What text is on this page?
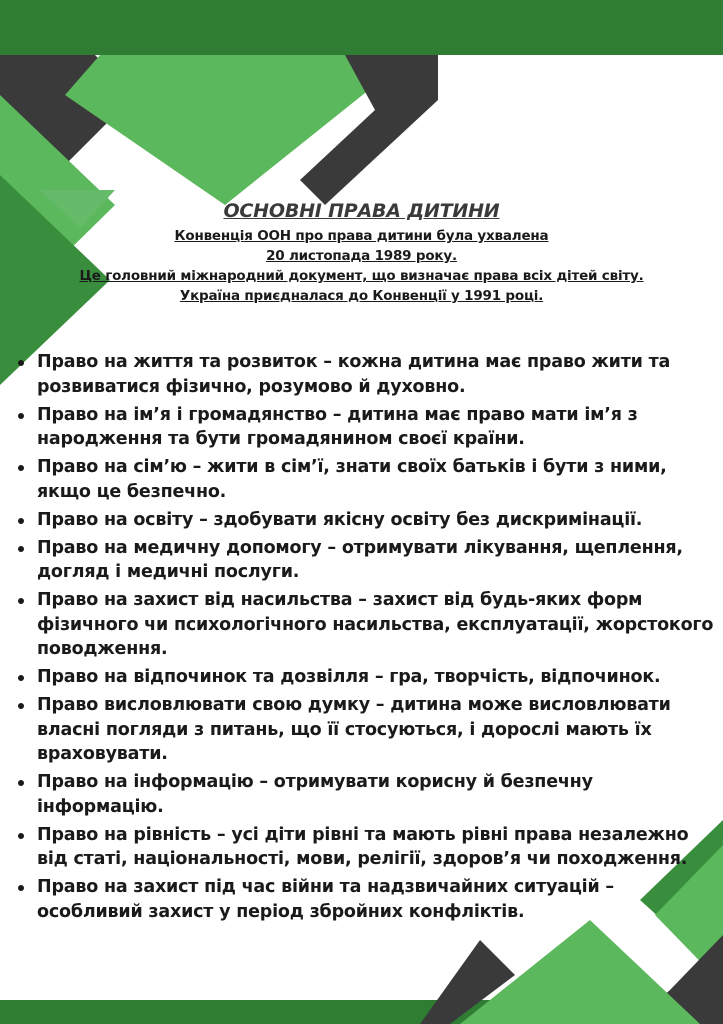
ОСНОВНІ ПРАВА ДИТИНИ

Конвенція ООН про права дитини була ухвалена

20 листопада 1989 року.

Це головний міжнародний документ, що визначає права всіх дітей світу.

Україна приєдналася до Конвенції у 1991 році.

Право на життя та розвиток – кожна дитина має право жити та розвиватися фізично, розумово й духовно.
Право на ім’я і громадянство – дитина має право мати ім’я з народження та бути громадянином своєї країни.
Право на сім’ю – жити в сім’ї, знати своїх батьків і бути з ними, якщо це безпечно.
Право на освіту – здобувати якісну освіту без дискримінації.
Право на медичну допомогу – отримувати лікування, щеплення, догляд і медичні послуги.
Право на захист від насильства – захист від будь-яких форм фізичного чи психологічного насильства, експлуатації, жорстокого поводження.
Право на відпочинок та дозвілля – гра, творчість, відпочинок.
Право висловлювати свою думку – дитина може висловлювати власні погляди з питань, що її стосуються, і дорослі мають їх враховувати.
Право на інформацію – отримувати корисну й безпечну інформацію.
Право на рівність – усі діти рівні та мають рівні права незалежно від статі, національності, мови, релігії, здоров’я чи походження.
Право на захист під час війни та надзвичайних ситуацій – особливий захист у період збройних конфліктів.
